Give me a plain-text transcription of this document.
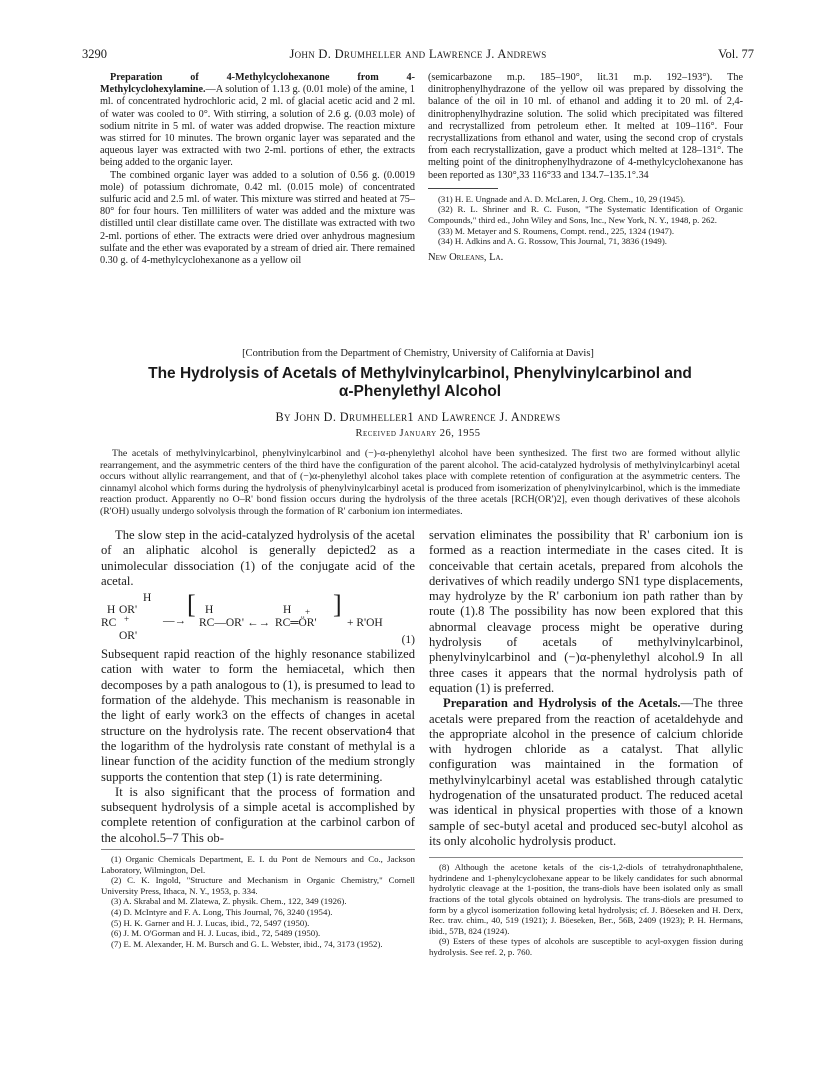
3290	John D. Drumheller and Lawrence J. Andrews	Vol. 77

Preparation of 4-Methylcyclohexanone from 4-Methylcyclohexylamine.—A solution of 1.13 g. (0.01 mole) of the amine, 1 ml. of concentrated hydrochloric acid, 2 ml. of glacial acetic acid and 2 ml. of water was cooled to 0°. With stirring, a solution of 2.6 g. (0.03 mole) of sodium nitrite in 5 ml. of water was added dropwise. The reaction mixture was stirred for 10 minutes. The brown organic layer was separated and the aqueous layer was extracted with two 2-ml. portions of ether, the extracts being added to the organic layer.

The combined organic layer was added to a solution of 0.56 g. (0.0019 mole) of potassium dichromate, 0.42 ml. (0.015 mole) of concentrated sulfuric acid and 2.5 ml. of water. This mixture was stirred and heated at 75–80° for four hours. Ten milliliters of water was added and the mixture was distilled until clear distillate came over. The distillate was extracted with two 2-ml. portions of ether. The extracts were dried over anhydrous magnesium sulfate and the ether was evaporated by a stream of dried air. There remained 0.30 g. of 4-methylcyclohexanone as a yellow oil

(semicarbazone m.p. 185–190°, lit.31 m.p. 192–193°). The dinitrophenylhydrazone of the yellow oil was prepared by dissolving the balance of the oil in 10 ml. of ethanol and adding it to 20 ml. of 2,4-dinitrophenylhydrazine solution. The solid which precipitated was filtered and recrystallized from petroleum ether. It melted at 109–116°. Four recrystallizations from ethanol and water, using the second crop of crystals from each recrystallization, gave a product which melted at 128–131°. The melting point of the dinitrophenylhydrazone of 4-methylcyclohexanone has been reported as 130°,33 116°33 and 134.7–135.1°.34

(31) H. E. Ungnade and A. D. McLaren, J. Org. Chem., 10, 29 (1945).
(32) R. L. Shriner and R. C. Fuson, "The Systematic Identification of Organic Compounds," third ed., John Wiley and Sons, Inc., New York, N. Y., 1948, p. 262.
(33) M. Metayer and S. Roumens, Compt. rend., 225, 1324 (1947).
(34) H. Adkins and A. G. Rossow, This Journal, 71, 3836 (1949).
New Orleans, La.
[Contribution from the Department of Chemistry, University of California at Davis]
The Hydrolysis of Acetals of Methylvinylcarbinol, Phenylvinylcarbinol and
α-Phenylethyl Alcohol
By John D. Drumheller1 and Lawrence J. Andrews
Received January 26, 1955
The acetals of methylvinylcarbinol, phenylvinylcarbinol and (−)-α-phenylethyl alcohol have been synthesized. The first two are formed without allylic rearrangement, and the asymmetric centers of the third have the configuration of the parent alcohol. The acid-catalyzed hydrolysis of methylvinylcarbinyl acetal occurs without allylic rearrangement, and that of (−)α-phenylethyl alcohol takes place with complete retention of configuration at the asymmetric centers. The cinnamyl alcohol which forms during the hydrolysis of phenylvinylcarbinyl acetal is produced from isomerization of phenylvinylcarbinol, which is the immediate reaction product. Apparently no O–R' bond fission occurs during the hydrolysis of the three acetals [RCH(OR')2], even though derivatives of these alcohols (R'OH) usually undergo solvolysis through the formation of R' carbonium ion intermediates.

The slow step in the acid-catalyzed hydrolysis of the acetal of an aliphatic alcohol is generally depicted2 as a unimolecular dissociation (1) of the conjugate acid of the acetal.

H
H OR'
RC +
OR'
—→
[ H
RC—OR' ←→
H +
RC═ÖR'
]
+ R'OH
(1)

Subsequent rapid reaction of the highly resonance stabilized cation with water to form the hemiacetal, which then decomposes by a path analogous to (1), is presumed to lead to formation of the aldehyde. This mechanism is reasonable in the light of early work3 on the effects of changes in acetal structure on the hydrolysis rate. The recent observation4 that the logarithm of the hydrolysis rate constant of methylal is a linear function of the acidity function of the medium strongly supports the contention that step (1) is rate determining.

It is also significant that the process of formation and subsequent hydrolysis of a simple acetal is accomplished by complete retention of configuration at the carbinol carbon of the alcohol.5–7 This ob-

(1) Organic Chemicals Department, E. I. du Pont de Nemours and Co., Jackson Laboratory, Wilmington, Del.
(2) C. K. Ingold, "Structure and Mechanism in Organic Chemistry," Cornell University Press, Ithaca, N. Y., 1953, p. 334.
(3) A. Skrabal and M. Zlatewa, Z. physik. Chem., 122, 349 (1926).
(4) D. McIntyre and F. A. Long, This Journal, 76, 3240 (1954).
(5) H. K. Garner and H. J. Lucas, ibid., 72, 5497 (1950).
(6) J. M. O'Gorman and H. J. Lucas, ibid., 72, 5489 (1950).
(7) E. M. Alexander, H. M. Bursch and G. L. Webster, ibid., 74, 3173 (1952).

servation eliminates the possibility that R' carbonium ion is formed as a reaction intermediate in the cases cited. It is conceivable that certain acetals, prepared from alcohols the derivatives of which readily undergo SN1 type displacements, may hydrolyze by the R' carbonium ion path rather than by route (1).8 The possibility has now been explored that this abnormal cleavage process might be operative during hydrolysis of acetals of methylvinylcarbinol, phenylvinylcarbinol and (−)α-phenylethyl alcohol.9 In all three cases it appears that the normal hydrolysis path of equation (1) is preferred.

Preparation and Hydrolysis of the Acetals.—The three acetals were prepared from the reaction of acetaldehyde and the appropriate alcohol in the presence of calcium chloride with hydrogen chloride as a catalyst. That allylic configuration was maintained in the formation of methylvinylcarbinyl acetal was established through catalytic hydrogenation of the unsaturated product. The reduced acetal was identical in physical properties with those of a known sample of sec-butyl acetal and produced sec-butyl alcohol as its only alcoholic hydrolysis product.

(8) Although the acetone ketals of the cis-1,2-diols of tetrahydronaphthalene, hydrindene and 1-phenylcyclohexane appear to be likely candidates for such abnormal hydrolytic cleavage at the 1-position, the trans-diols have been isolated only as small fractions of the total glycols obtained on hydrolysis. The trans-diols are presumed to form by a glycol isomerization following ketal hydrolysis; cf. J. Böeseken and H. Derx, Rec. trav. chim., 40, 519 (1921); J. Böeseken, Ber., 56B, 2409 (1923); P. H. Hermans, ibid., 57B, 824 (1924).
(9) Esters of these types of alcohols are susceptible to acyl-oxygen fission during hydrolysis. See ref. 2, p. 760.
